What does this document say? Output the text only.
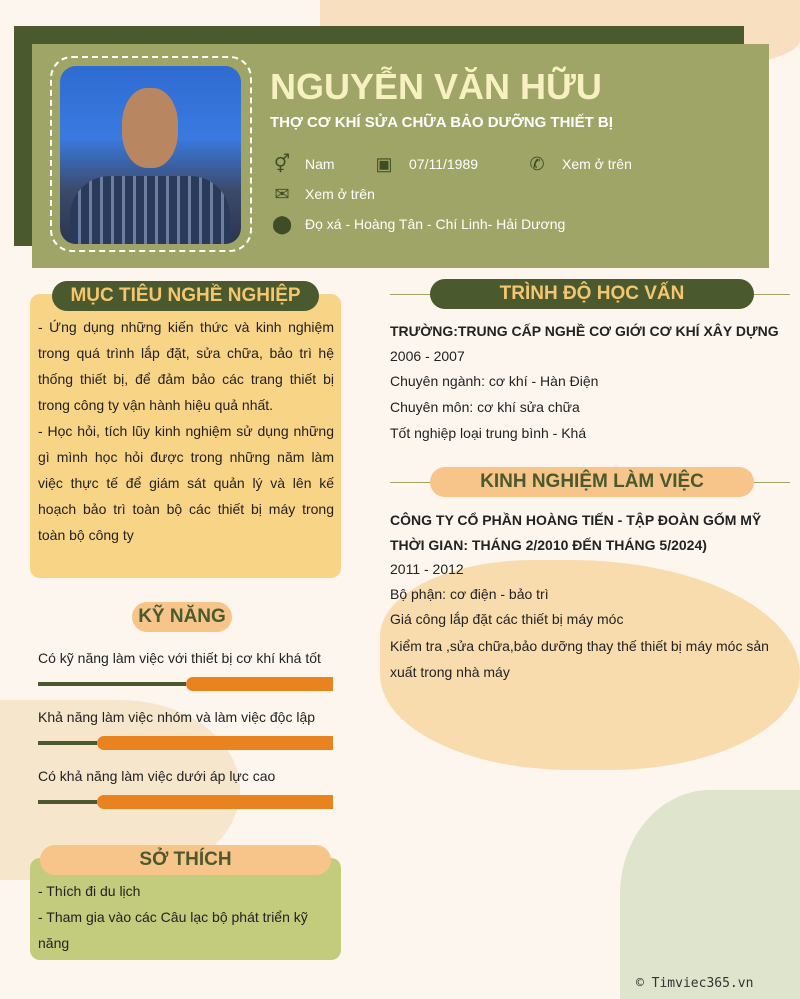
NGUYỄN VĂN HỮU
THỢ CƠ KHÍ SỬA CHỮA BẢO DƯỠNG THIẾT BỊ
⚥ Nam ▣ 07/11/1989	✆ Xem ở trên
✉ Xem ở trên
⬤ Đọ xá - Hoàng Tân - Chí Linh- Hải Dương
MỤC TIÊU NGHỀ NGHIỆP
- Ứng dụng những kiến thức và kinh nghiệm trong quá trình lắp đặt, sửa chữa, bảo trì hệ thống thiết bị, để đảm bảo các trang thiết bị trong công ty vận hành hiệu quả nhất.
- Học hỏi, tích lũy kinh nghiệm sử dụng những gì mình học hỏi được trong những năm làm việc thực tế để giám sát quản lý và lên kế hoạch bảo trì toàn bộ các thiết bị máy trong toàn bộ công ty
KỸ NĂNG
Có kỹ năng làm việc với thiết bị cơ khí khá tốt
Khả năng làm việc nhóm và làm việc độc lập
Có khả năng làm việc dưới áp lực cao
SỞ THÍCH
- Thích đi du lịch
- Tham gia vào các Câu lạc bộ phát triển kỹ năng
TRÌNH ĐỘ HỌC VẤN
TRƯỜNG:TRUNG CẤP NGHỀ CƠ GIỚI CƠ KHÍ XÂY DỰNG
2006 - 2007
Chuyên ngành: cơ khí - Hàn Điện
Chuyên môn: cơ khí sửa chữa
Tốt nghiệp loại trung bình - Khá
KINH NGHIỆM LÀM VIỆC
CÔNG TY CỔ PHẦN HOÀNG TIẾN - TẬP ĐOÀN GỐM MỸ
THỜI GIAN: THÁNG 2/2010 ĐẾN THÁNG 5/2024)
2011 - 2012
Bộ phận: cơ điện - bảo trì
Giá công lắp đặt các thiết bị máy móc
Kiểm tra ,sửa chữa,bảo dưỡng thay thế thiết bị máy móc sản xuất trong nhà máy
© Timviec365.vn
